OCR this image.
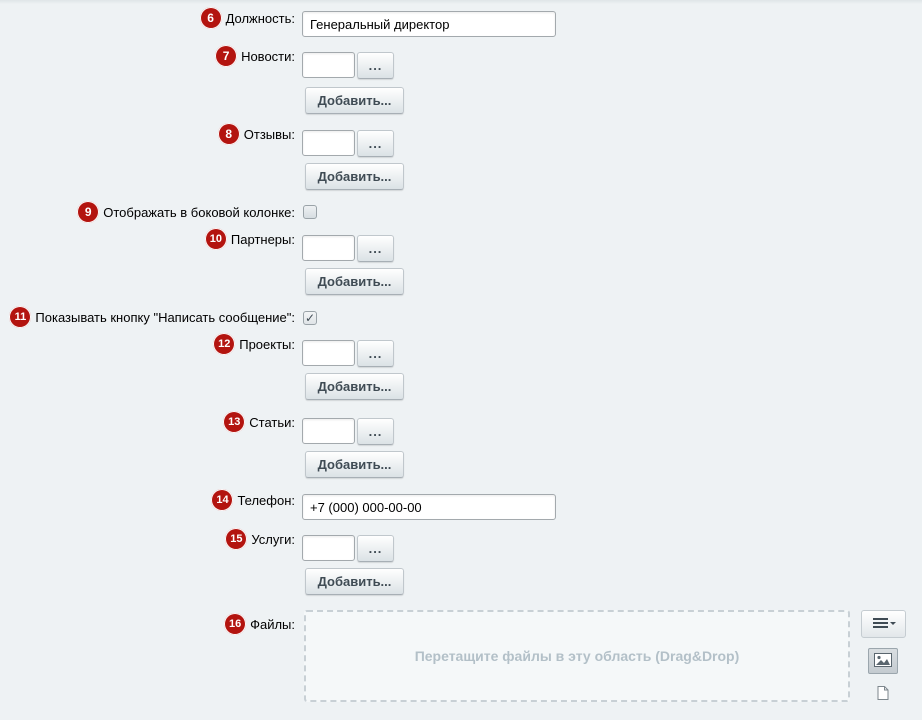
6 Должность:
Генеральный директор
7 Новости:
...
Добавить...
8 Отзывы:
...
Добавить...
9 Отображать в боковой колонке:
10 Партнеры:
...
Добавить...
11 Показывать кнопку "Написать сообщение": ✓
12 Проекты:
...
Добавить...
13 Статьи:
...
Добавить...
14 Телефон:
+7 (000) 000-00-00
15 Услуги:
...
Добавить...
16 Файлы:
Перетащите файлы в эту область (Drag&Drop)
